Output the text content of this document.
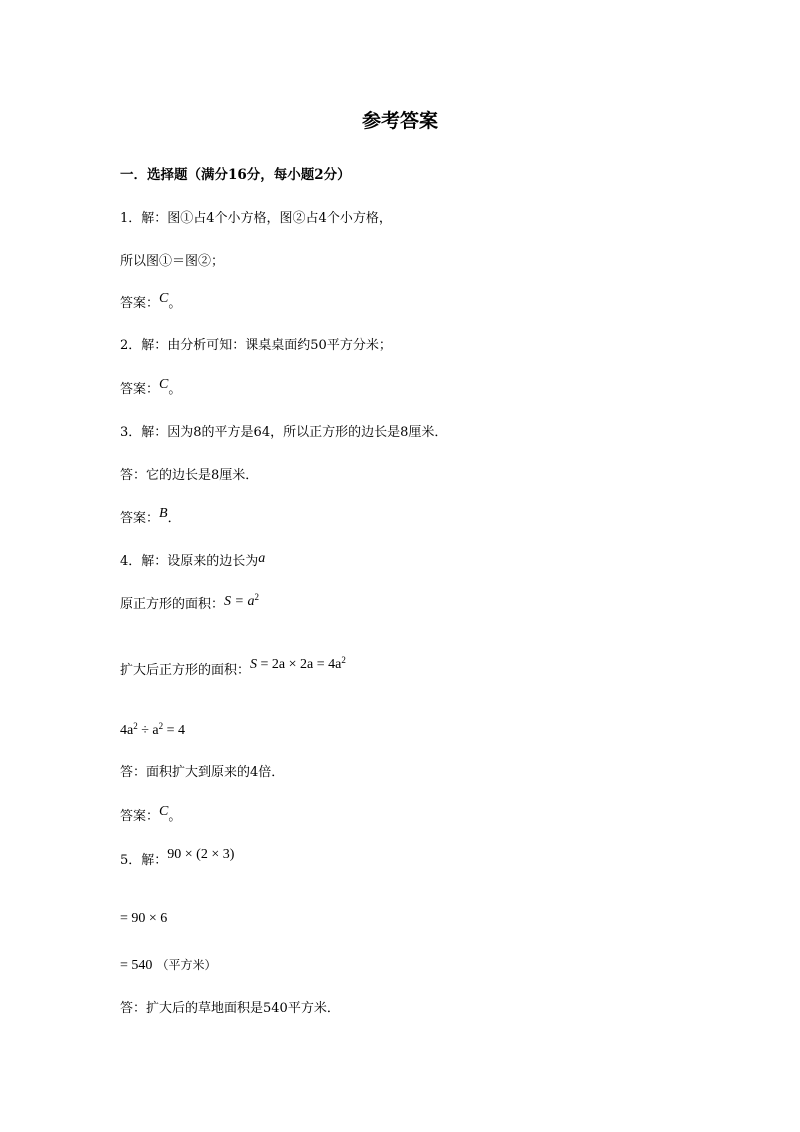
参考答案
一．选择题（满分16分，每小题2分）
1．解：图①占4个小方格，图②占4个小方格，
所以图①＝图②；
答案：C。
2．解：由分析可知：课桌桌面约50平方分米；
答案：C。
3．解：因为8的平方是64，所以正方形的边长是8厘米．
答：它的边长是8厘米．
答案：B．
4．解：设原来的边长为a
原正方形的面积：$S = a^2$
扩大后正方形的面积：$S = 2a \times 2a = 4a^2$
$4a^2 \div a^2 = 4$
答：面积扩大到原来的4倍．
答案：C。
5．解：90 × (2 × 3)
= 90 × 6
= 540 （平方米）
答：扩大后的草地面积是540平方米．
